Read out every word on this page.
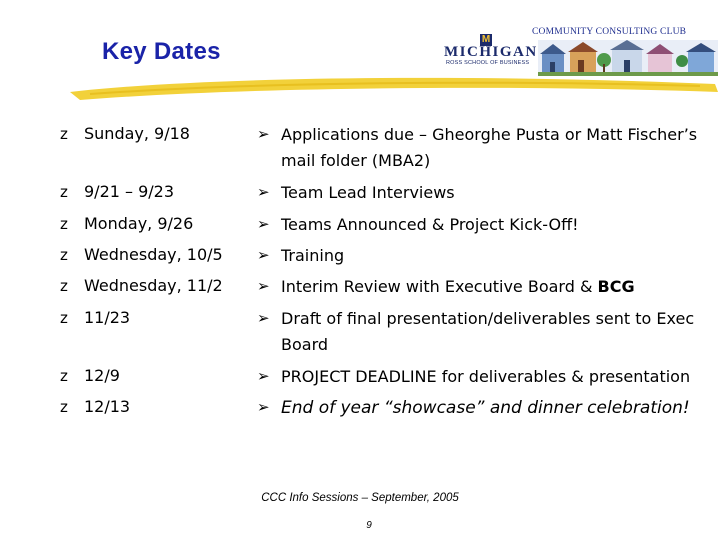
Key Dates
COMMUNITY CONSULTING CLUB
M
MICHIGAN
ROSS SCHOOL OF BUSINESS
z Sunday, 9/18	➢ Applications due – Gheorghe Pusta or Matt Fischer’s mail folder (MBA2)
z 9/21 – 9/23	➢ Team Lead Interviews
z Monday, 9/26	➢ Teams Announced & Project Kick-Off!
z Wednesday, 10/5 ➢ Training
z Wednesday, 11/2 ➢ Interim Review with Executive Board & BCG
z 11/23	➢ Draft of final presentation/deliverables sent to Exec Board
z 12/9	➢ PROJECT DEADLINE for deliverables & presentation
z 12/13	➢ End of year “showcase” and dinner celebration!
CCC Info Sessions – September, 2005
9
